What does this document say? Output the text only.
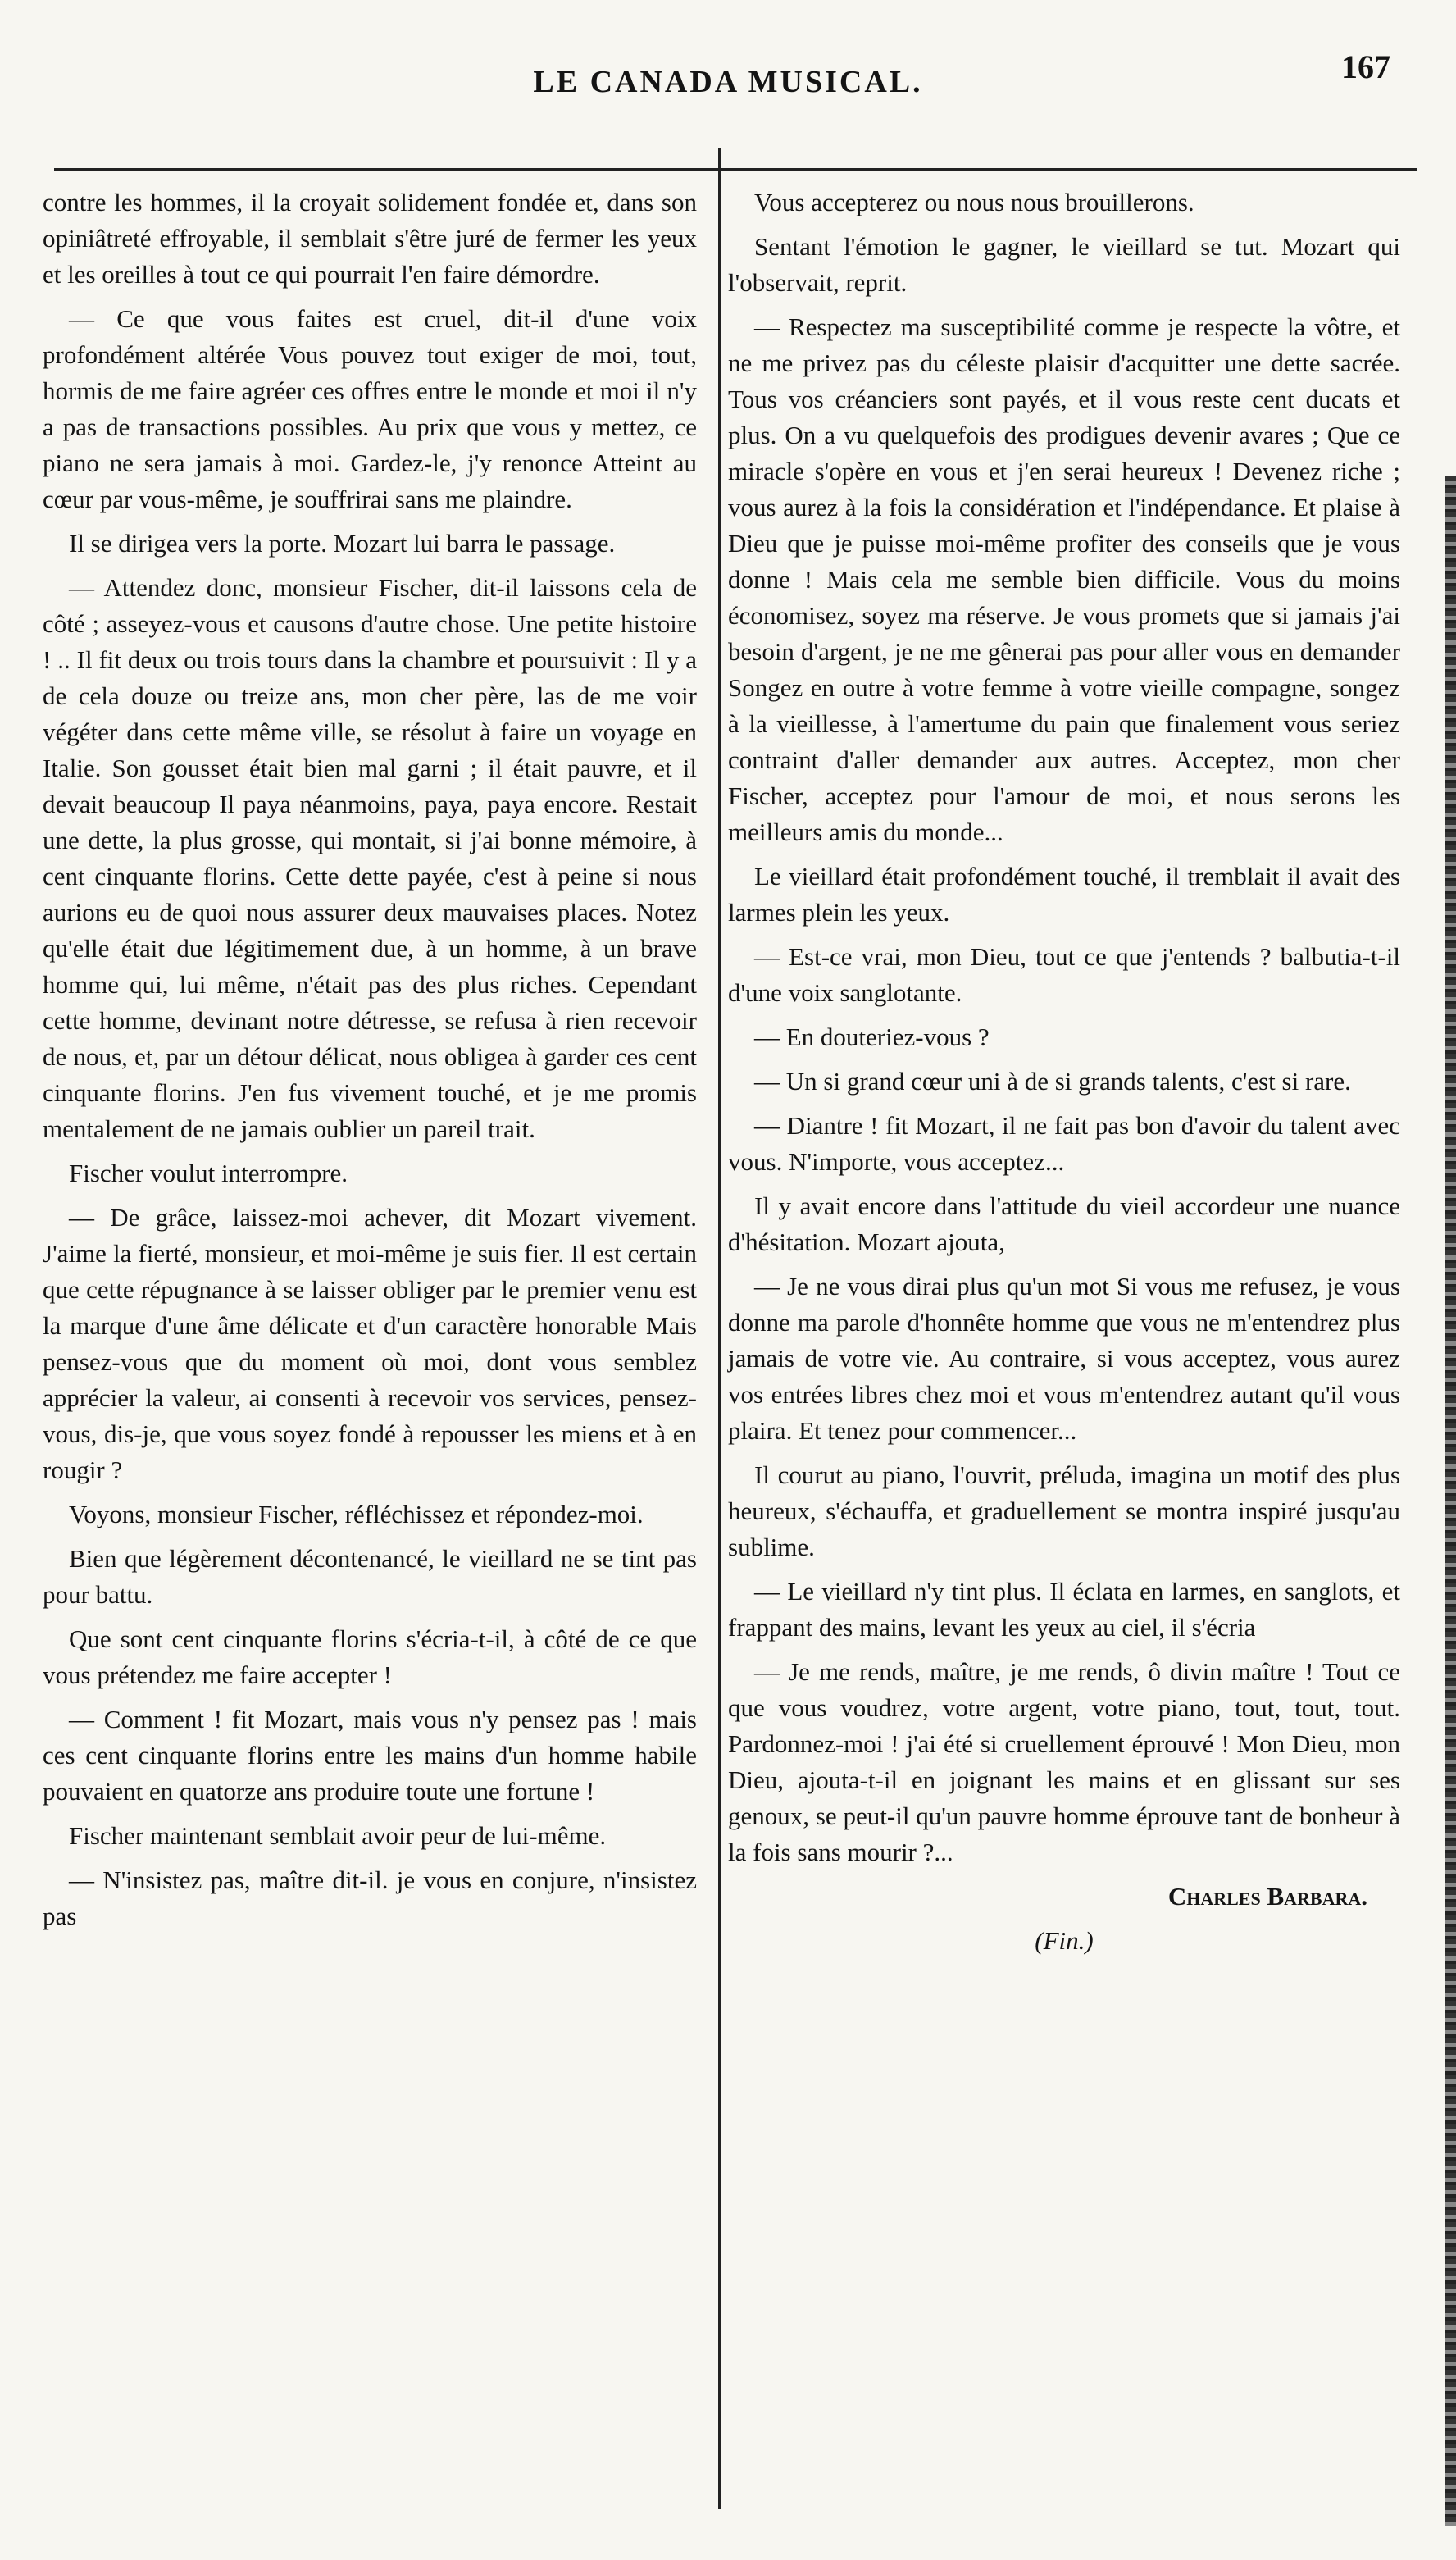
LE CANADA MUSICAL.	167

contre les hommes, il la croyait solidement fondée et, dans son opiniâtreté effroyable, il semblait s'être juré de fermer les yeux et les oreilles à tout ce qui pourrait l'en faire démordre.

— Ce que vous faites est cruel, dit-il d'une voix profondément altérée Vous pouvez tout exiger de moi, tout, hormis de me faire agréer ces offres entre le monde et moi il n'y a pas de transactions possibles. Au prix que vous y mettez, ce piano ne sera jamais à moi. Gardez-le, j'y renonce Atteint au cœur par vous-même, je souffrirai sans me plaindre.

Il se dirigea vers la porte. Mozart lui barra le passage.

— Attendez donc, monsieur Fischer, dit-il laissons cela de côté ; asseyez-vous et causons d'autre chose. Une petite histoire ! .. Il fit deux ou trois tours dans la chambre et poursuivit : Il y a de cela douze ou treize ans, mon cher père, las de me voir végéter dans cette même ville, se résolut à faire un voyage en Italie. Son gousset était bien mal garni ; il était pauvre, et il devait beaucoup Il paya néanmoins, paya, paya encore. Restait une dette, la plus grosse, qui montait, si j'ai bonne mémoire, à cent cinquante florins. Cette dette payée, c'est à peine si nous aurions eu de quoi nous assurer deux mauvaises places. Notez qu'elle était due légitimement due, à un homme, à un brave homme qui, lui même, n'était pas des plus riches. Cependant cette homme, devinant notre détresse, se refusa à rien recevoir de nous, et, par un détour délicat, nous obligea à garder ces cent cinquante florins. J'en fus vivement touché, et je me promis mentalement de ne jamais oublier un pareil trait.

Fischer voulut interrompre.

— De grâce, laissez-moi achever, dit Mozart vivement. J'aime la fierté, monsieur, et moi-même je suis fier. Il est certain que cette répugnance à se laisser obliger par le premier venu est la marque d'une âme délicate et d'un caractère honorable Mais pensez-vous que du moment où moi, dont vous semblez apprécier la valeur, ai consenti à recevoir vos services, pensez-vous, dis-je, que vous soyez fondé à repousser les miens et à en rougir ?

Voyons, monsieur Fischer, réfléchissez et répondez-moi.

Bien que légèrement décontenancé, le vieillard ne se tint pas pour battu.

Que sont cent cinquante florins s'écria-t-il, à côté de ce que vous prétendez me faire accepter !

— Comment ! fit Mozart, mais vous n'y pensez pas ! mais ces cent cinquante florins entre les mains d'un homme habile pouvaient en quatorze ans produire toute une fortune !

Fischer maintenant semblait avoir peur de lui-même.

— N'insistez pas, maître dit-il. je vous en conjure, n'insistez pas

Vous accepterez ou nous nous brouillerons.

Sentant l'émotion le gagner, le vieillard se tut. Mozart qui l'observait, reprit.

— Respectez ma susceptibilité comme je respecte la vôtre, et ne me privez pas du céleste plaisir d'acquitter une dette sacrée. Tous vos créanciers sont payés, et il vous reste cent ducats et plus. On a vu quelquefois des prodigues devenir avares ; Que ce miracle s'opère en vous et j'en serai heureux ! Devenez riche ; vous aurez à la fois la considération et l'indépendance. Et plaise à Dieu que je puisse moi-même profiter des conseils que je vous donne ! Mais cela me semble bien difficile. Vous du moins économisez, soyez ma réserve. Je vous promets que si jamais j'ai besoin d'argent, je ne me gênerai pas pour aller vous en demander Songez en outre à votre femme à votre vieille compagne, songez à la vieillesse, à l'amertume du pain que finalement vous seriez contraint d'aller demander aux autres. Acceptez, mon cher Fischer, acceptez pour l'amour de moi, et nous serons les meilleurs amis du monde...

Le vieillard était profondément touché, il tremblait il avait des larmes plein les yeux.

— Est-ce vrai, mon Dieu, tout ce que j'entends ? balbutia-t-il d'une voix sanglotante.

— En douteriez-vous ?

— Un si grand cœur uni à de si grands talents, c'est si rare.

— Diantre ! fit Mozart, il ne fait pas bon d'avoir du talent avec vous. N'importe, vous acceptez...

Il y avait encore dans l'attitude du vieil accordeur une nuance d'hésitation. Mozart ajouta,

— Je ne vous dirai plus qu'un mot Si vous me refusez, je vous donne ma parole d'honnête homme que vous ne m'entendrez plus jamais de votre vie. Au contraire, si vous acceptez, vous aurez vos entrées libres chez moi et vous m'entendrez autant qu'il vous plaira. Et tenez pour commencer...

Il courut au piano, l'ouvrit, préluda, imagina un motif des plus heureux, s'échauffa, et graduellement se montra inspiré jusqu'au sublime.

— Le vieillard n'y tint plus. Il éclata en larmes, en sanglots, et frappant des mains, levant les yeux au ciel, il s'écria

— Je me rends, maître, je me rends, ô divin maître ! Tout ce que vous voudrez, votre argent, votre piano, tout, tout, tout. Pardonnez-moi ! j'ai été si cruellement éprouvé ! Mon Dieu, mon Dieu, ajouta-t-il en joignant les mains et en glissant sur ses genoux, se peut-il qu'un pauvre homme éprouve tant de bonheur à la fois sans mourir ?...

Charles Barbara.

(Fin.)
